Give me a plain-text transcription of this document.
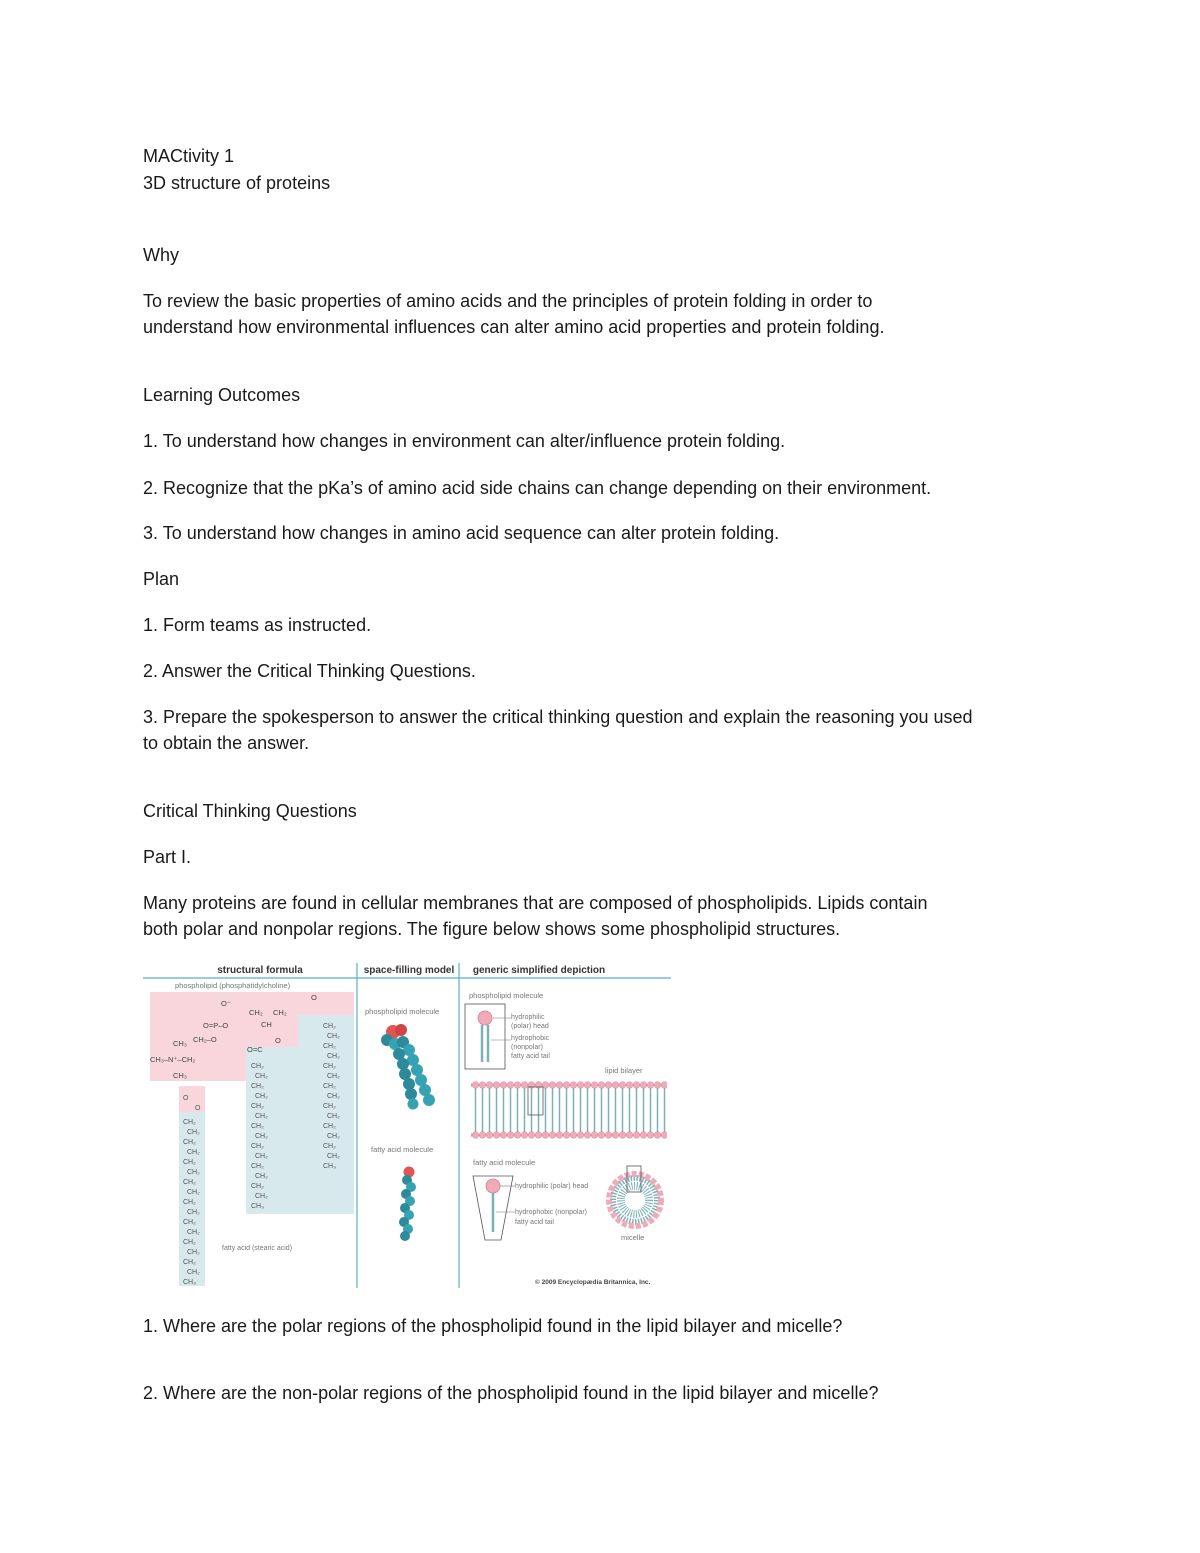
MACtivity 1
3D structure of proteins
Why
To review the basic properties of amino acids and the principles of protein folding in order to
understand how environmental influences can alter amino acid properties and protein folding.
Learning Outcomes
1. To understand how changes in environment can alter/influence protein folding.
2. Recognize that the pKa’s of amino acid side chains can change depending on their environment.
3. To understand how changes in amino acid sequence can alter protein folding.
Plan
1. Form teams as instructed.
2. Answer the Critical Thinking Questions.
3. Prepare the spokesperson to answer the critical thinking question and explain the reasoning you used
to obtain the answer.
Critical Thinking Questions
Part I.
Many proteins are found in cellular membranes that are composed of phospholipids. Lipids contain
both polar and nonpolar regions. The figure below shows some phospholipid structures.
structural formula	space-filling model generic simplified depiction
phospholipid (phosphatidylcholine)
O⁻
O=P–O
CH₂
CH
CH₂
O
O
CH₃ CH₂–O
CH₃–N⁺–CH₂
CH₃
O=C
fatty acid (stearic acid)
CH₂
CH₂
CH₂
CH₂
CH₂
CH₂
CH₂
CH₂
CH₂
CH₂
CH₂
CH₂
CH₂
CH₂
CH₃
CH₂
CH₂
CH₂
CH₂
CH₂
CH₂
CH₂
CH₂
CH₂
CH₂
CH₂
CH₂
CH₂
CH₂
CH₃
O
O
CH₂
CH₂
CH₂
CH₂
CH₂
CH₂
CH₂
CH₂
CH₂
CH₂
CH₂
CH₂
CH₂
CH₂
CH₂
CH₂
CH₃
phospholipid molecule
fatty acid molecule
phospholipid molecule
hydrophilic
(polar) head
hydrophobic
(nonpolar)
fatty acid tail
lipid bilayer
fatty acid molecule
hydrophilic (polar) head
hydrophobic (nonpolar)
fatty acid tail
micelle
© 2009 Encyclopædia Britannica, Inc.
1. Where are the polar regions of the phospholipid found in the lipid bilayer and micelle?
2. Where are the non-polar regions of the phospholipid found in the lipid bilayer and micelle?
